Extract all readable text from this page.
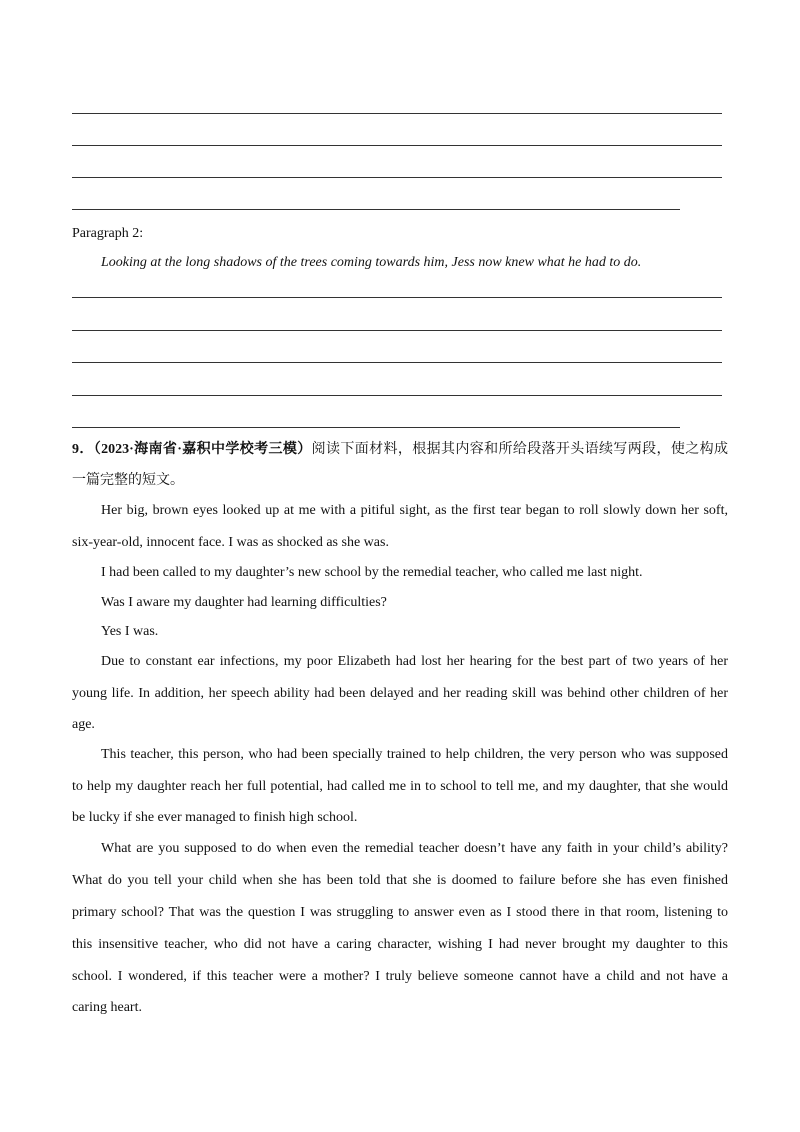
Paragraph 2:
Looking at the long shadows of the trees coming towards him, Jess now knew what he had to do.
9．（2023·海南省·嘉积中学校考三模）阅读下面材料，根据其内容和所给段落开头语续写两段，使之构成
一篇完整的短文。
Her big, brown eyes looked up at me with a pitiful sight, as the first tear began to roll slowly down her soft,
six-year-old, innocent face. I was as shocked as she was.
I had been called to my daughter’s new school by the remedial teacher, who called me last night.
Was I aware my daughter had learning difficulties?
Yes I was.
Due to constant ear infections, my poor Elizabeth had lost her hearing for the best part of two years of her
young life. In addition, her speech ability had been delayed and her reading skill was behind other children of her
age.
This teacher, this person, who had been specially trained to help children, the very person who was supposed
to help my daughter reach her full potential, had called me in to school to tell me, and my daughter, that she would
be lucky if she ever managed to finish high school.
What are you supposed to do when even the remedial teacher doesn’t have any faith in your child’s ability?
What do you tell your child when she has been told that she is doomed to failure before she has even finished
primary school? That was the question I was struggling to answer even as I stood there in that room, listening to
this insensitive teacher, who did not have a caring character, wishing I had never brought my daughter to this
school. I wondered, if this teacher were a mother? I truly believe someone cannot have a child and not have a
caring heart.
